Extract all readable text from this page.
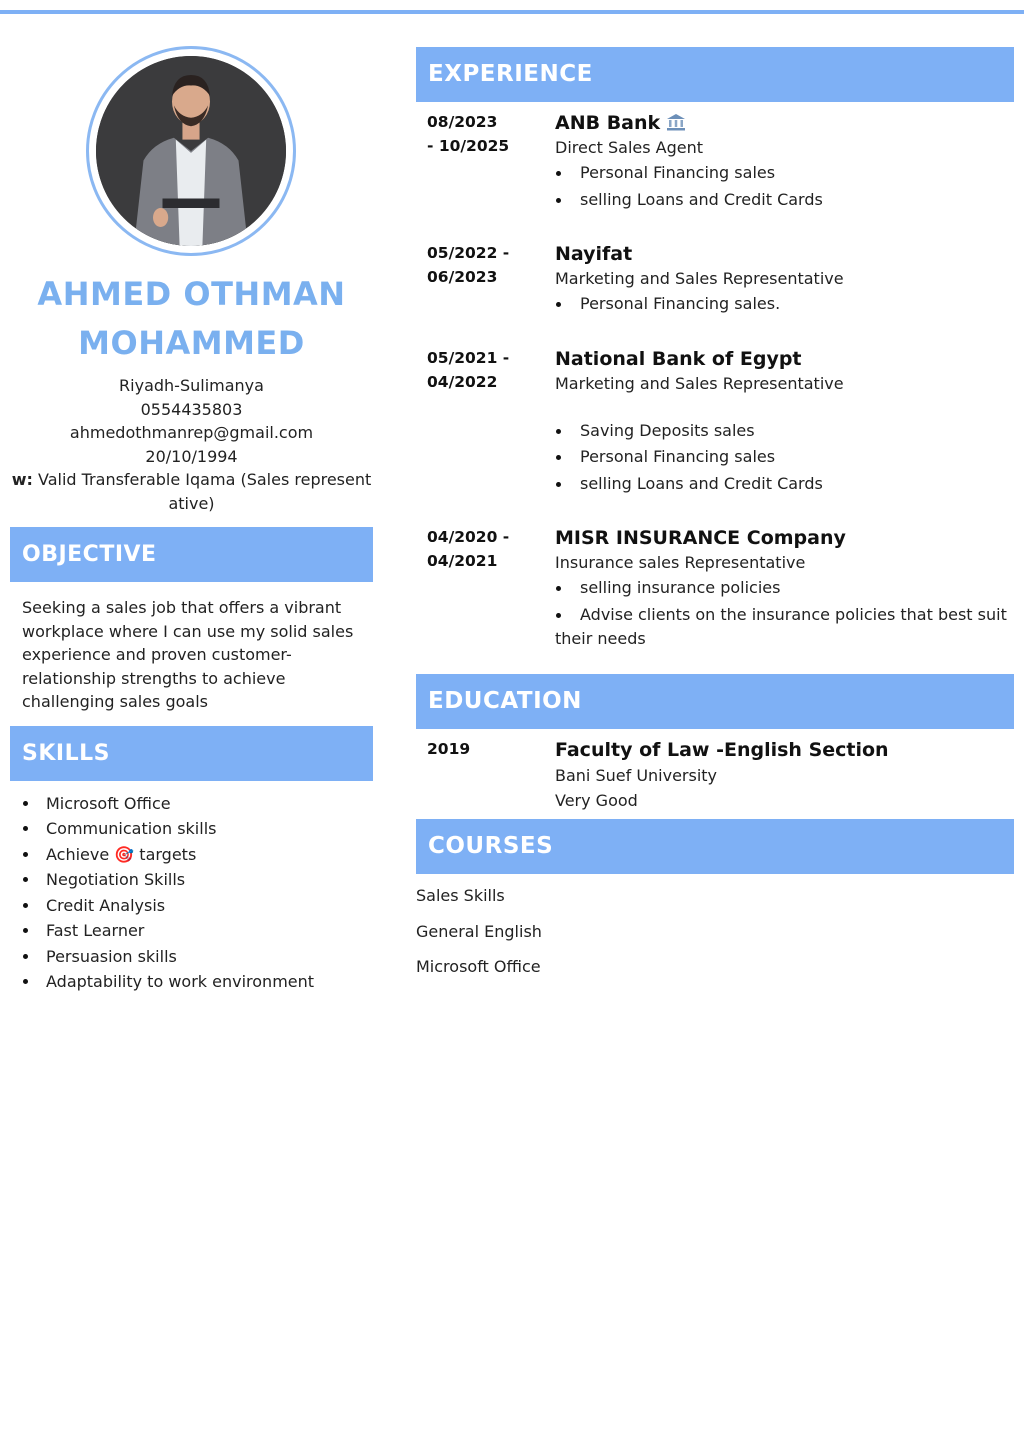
AHMED OTHMAN
MOHAMMED
Riyadh-Sulimanya
0554435803
ahmedothmanrep@gmail.com
20/10/1994
w: Valid Transferable Iqama (Sales represent
ative)
OBJECTIVE
Seeking a sales job that offers a vibrant workplace where I can use my solid sales experience and proven customer-relationship strengths to achieve challenging sales goals
SKILLS
Microsoft Office
Communication skills
Achieve 🎯 targets
Negotiation Skills
Credit Analysis
Fast Learner
Persuasion skills
Adaptability to work environment
EXPERIENCE
08/2023
- 10/2025
ANB Bank
Direct Sales Agent
Personal Financing sales
selling Loans and Credit Cards
05/2022 -
06/2023
Nayifat
Marketing and Sales Representative
Personal Financing sales.
05/2021 -
04/2022
National Bank of Egypt
Marketing and Sales Representative
Saving Deposits sales
Personal Financing sales
selling Loans and Credit Cards
04/2020 -
04/2021
MISR INSURANCE Company
Insurance sales Representative
selling insurance policies
Advise clients on the insurance policies that best suit
their needs
EDUCATION
2019	Faculty of Law -English Section
Bani Suef University
Very Good
COURSES
Sales Skills
General English
Microsoft Office
